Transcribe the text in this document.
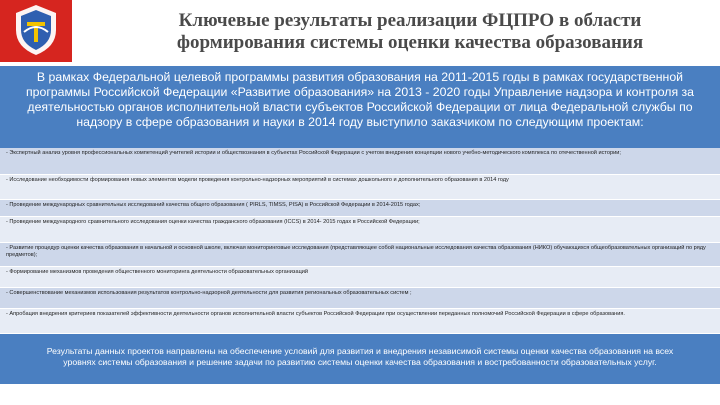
Ключевые результаты реализации ФЦПРО в области
формирования системы оценки качества образования
В рамках Федеральной целевой программы развития образования на 2011-2015 годы в рамках государственной программы Российской Федерации «Развитие образования» на 2013 - 2020 годы Управление надзора и контроля за деятельностью органов исполнительной власти субъектов Российской Федерации от лица Федеральной службы по надзору в сфере образования и науки в 2014 году выступило заказчиком по следующим проектам:
- Экспертный анализ уровня профессиональных компетенций учителей истории и обществознания в субъектах Российской Федерации с учетом внедрения концепции нового учебно-методического комплекса по отечественной истории;
- Исследование необходимости формирования новых элементов модели проведения контрольно-надзорных мероприятий в системах дошкольного и дополнительного образования в 2014 году
- Проведение международных сравнительных исследований качества общего образования ( PIRLS, TIMSS, PISA) в Российской Федерации в 2014-2015 годах;
- Проведение международного сравнительного исследования оценки качества гражданского образования (ICCS) в 2014- 2015 годах в Российской Федерации;
- Развитие процедур оценки качества образования в начальной и основной школе, включая мониторинговые исследования (представляющее собой национальные исследования качества образования (НИКО) обучающихся общеобразовательных организаций по ряду предметов);
- Формирование механизмов проведения общественного мониторинга деятельности образовательных организаций
- Совершенствование механизмов использования результатов контрольно-надзорной деятельности для развития региональных образовательных систем ;
- Апробация внедрения критериев показателей эффективности деятельности органов исполнительной власти субъектов Российской Федерации при осуществлении переданных полномочий Российской Федерации в сфере образования.
Результаты данных проектов направлены на обеспечение условий для развития и внедрения независимой системы оценки качества образования на всех уровнях системы образования и решение задачи по развитию системы оценки качества образования и востребованности образовательных услуг.
